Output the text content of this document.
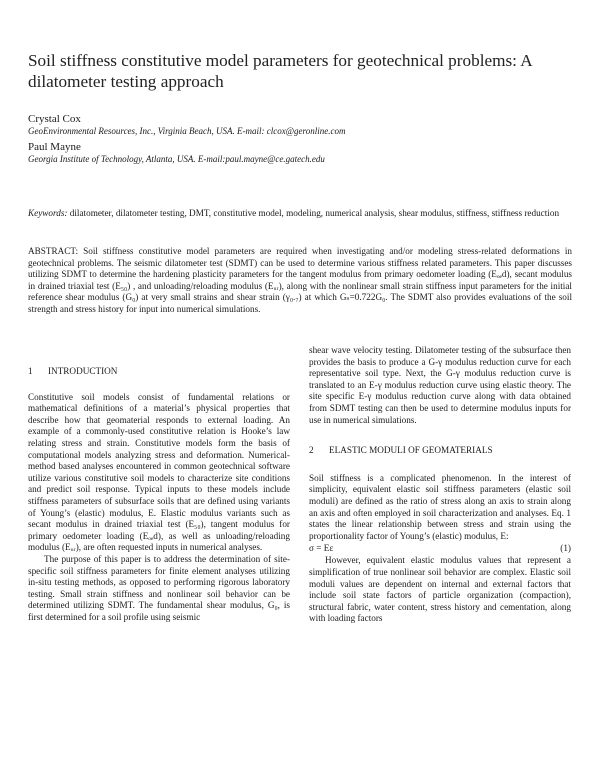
Soil stiffness constitutive model parameters for geotechnical problems: A dilatometer testing approach
Crystal Cox
GeoEnvironmental Resources, Inc., Virginia Beach, USA. E-mail: clcox@geronline.com
Paul Mayne
Georgia Institute of Technology, Atlanta, USA. E-mail:paul.mayne@ce.gatech.edu
Keywords: dilatometer, dilatometer testing, DMT, constitutive model, modeling, numerical analysis, shear modulus, stiffness, stiffness reduction
ABSTRACT: Soil stiffness constitutive model parameters are required when investigating and/or modeling stress-related deformations in geotechnical problems. The seismic dilatometer test (SDMT) can be used to determine various stiffness related parameters. This paper discusses utilizing SDMT to determine the hardening plasticity parameters for the tangent modulus from primary oedometer loading (Eₒₑd), secant modulus in drained triaxial test (E₅₀) , and unloading/reloading modulus (Eᵤᵣ), along with the nonlinear small strain stiffness input parameters for the initial reference shear modulus (G₀) at very small strains and shear strain (γ₀.₇) at which Gₛ=0.722G₀. The SDMT also provides evaluations of the soil strength and stress history for input into numerical simulations.
1 INTRODUCTION

Constitutive soil models consist of fundamental relations or mathematical definitions of a material’s physical properties that describe how that geomaterial responds to external loading. An example of a commonly-used constitutive relation is Hooke’s law relating stress and strain. Constitutive models form the basis of computational models analyzing stress and deformation. Numerical-method based analyses encountered in common geotechnical software utilize various constitutive soil models to characterize site conditions and predict soil response. Typical inputs to these models include stiffness parameters of subsurface soils that are defined using variants of Young’s (elastic) modulus, E. Elastic modulus variants such as secant modulus in drained triaxial test (E₅₀), tangent modulus for primary oedometer loading (Eₒₑd), as well as unloading/reloading modulus (Eᵤᵣ), are often requested inputs in numerical analyses.

The purpose of this paper is to address the determination of site-specific soil stiffness parameters for finite element analyses utilizing in-situ testing methods, as opposed to performing rigorous laboratory testing. Small strain stiffness and nonlinear soil behavior can be determined utilizing SDMT. The fundamental shear modulus, G₀, is first determined for a soil profile using seismic

shear wave velocity testing. Dilatometer testing of the subsurface then provides the basis to produce a G-γ modulus reduction curve for each representative soil type. Next, the G-γ modulus reduction curve is translated to an E-γ modulus reduction curve using elastic theory. The site specific E-γ modulus reduction curve along with data obtained from SDMT testing can then be used to determine modulus inputs for use in numerical simulations.

2 ELASTIC MODULI OF GEOMATERIALS

Soil stiffness is a complicated phenomenon. In the interest of simplicity, equivalent elastic soil stiffness parameters (elastic soil moduli) are defined as the ratio of stress along an axis to strain along an axis and often employed in soil characterization and analyses. Eq. 1 states the linear relationship between stress and strain using the proportionality factor of Young’s (elastic) modulus, E:

σ = Eε	(1)

However, equivalent elastic modulus values that represent a simplification of true nonlinear soil behavior are complex. Elastic soil moduli values are dependent on internal and external factors that include soil state factors of particle organization (compaction), structural fabric, water content, stress history and cementation, along with loading factors
